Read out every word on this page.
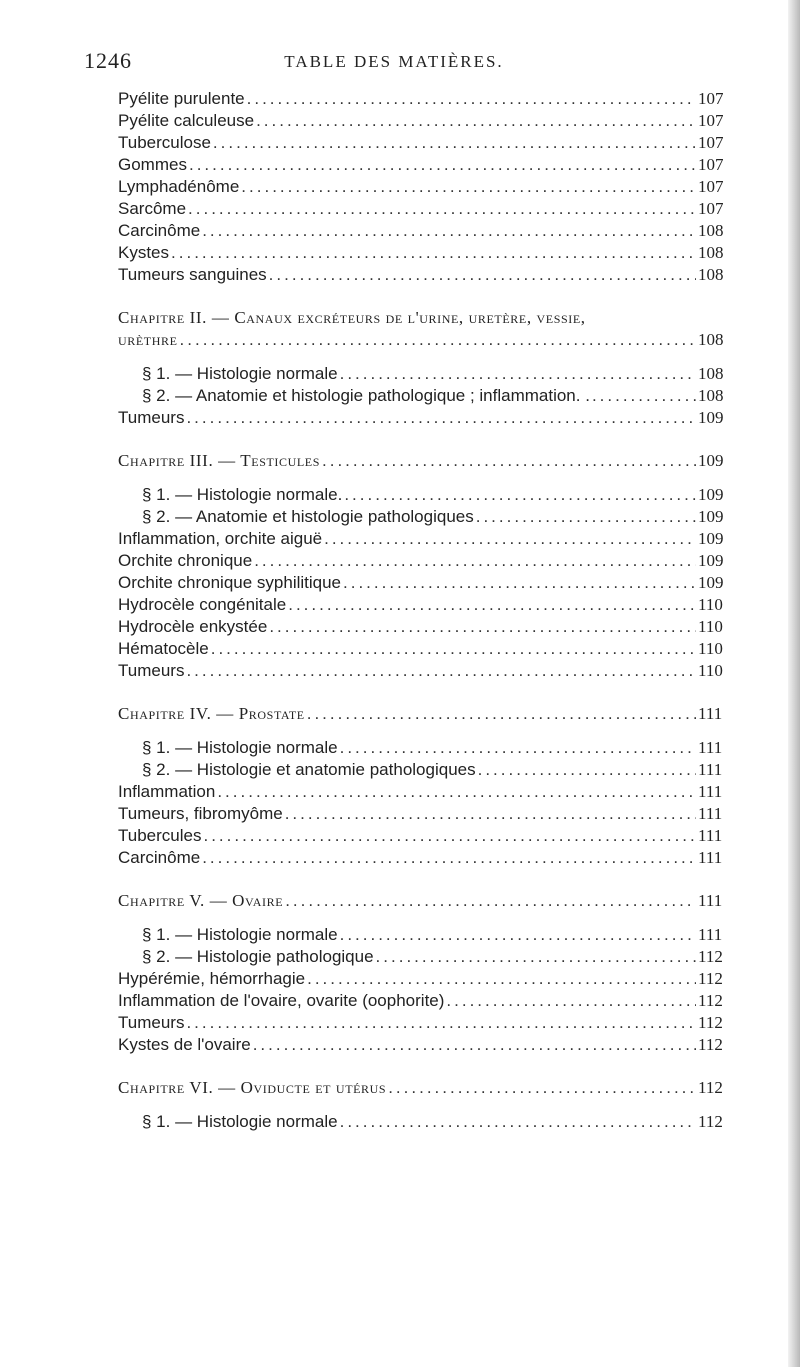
1246	TABLE DES MATIÈRES.
Pyélite purulente .....	107
Pyélite calculeuse .....	107
Tuberculose .....	107
Gommes .....	107
Lymphadénôme .....	107
Sarcôme .....	107
Carcinôme .....	108
Kystes .....	108
Tumeurs sanguines .....	108
Chapitre II. — Canaux excréteurs de l'urine, uretère, vessie,
urèthre .....	108
§ 1. — Histologie normale .....	108
§ 2. — Anatomie et histologie pathologique ; inflammation. . .....	108
Tumeurs .....	109
Chapitre III. — Testicules .....	109
§ 1. — Histologie normale. .....	109
§ 2. — Anatomie et histologie pathologiques .....	109
Inflammation, orchite aiguë .....	109
Orchite chronique .....	109
Orchite chronique syphilitique .....	109
Hydrocèle congénitale .....	110
Hydrocèle enkystée .....	110
Hématocèle .....	110
Tumeurs .....	110
Chapitre IV. — Prostate .....	111
§ 1. — Histologie normale .....	111
§ 2. — Histologie et anatomie pathologiques .....	111
Inflammation .....	111
Tumeurs, fibromyôme .....	111
Tubercules .....	111
Carcinôme .....	111
Chapitre V. — Ovaire .....	111
§ 1. — Histologie normale .....	111
§ 2. — Histologie pathologique .....	112
Hypérémie, hémorrhagie .....	112
Inflammation de l'ovaire, ovarite (oophorite) .....	112
Tumeurs .....	112
Kystes de l'ovaire .....	112
Chapitre VI. — Oviducte et utérus .....	112
§ 1. — Histologie normale .....	112
